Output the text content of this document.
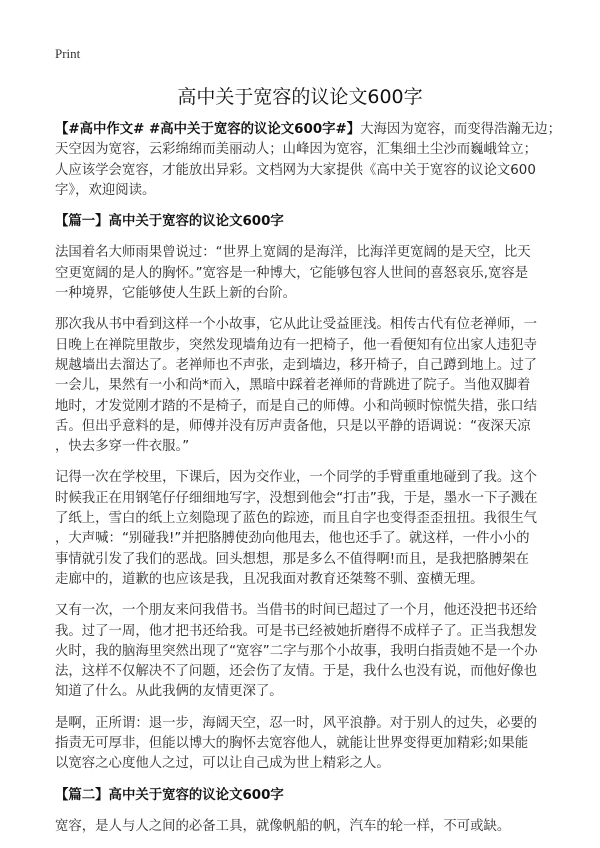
Print
高中关于宽容的议论文600字
【#高中作文# #高中关于宽容的议论文600字#】大海因为宽容，而变得浩瀚无边；
天空因为宽容，云彩绵绵而美丽动人；山峰因为宽容，汇集细土尘沙而巍峨耸立；
人应该学会宽容，才能放出异彩。文档网为大家提供《高中关于宽容的议论文600
字》，欢迎阅读。
【篇一】高中关于宽容的议论文600字
法国着名大师雨果曾说过：“世界上宽阔的是海洋，比海洋更宽阔的是天空，比天
空更宽阔的是人的胸怀。”宽容是一种博大，它能够包容人世间的喜怒哀乐,宽容是
一种境界，它能够使人生跃上新的台阶。
那次我从书中看到这样一个小故事，它从此让受益匪浅。相传古代有位老禅师，一
日晚上在禅院里散步，突然发现墙角边有一把椅子，他一看便知有位出家人违犯寺
规越墙出去溜达了。老禅师也不声张，走到墙边，移开椅子，自己蹲到地上。过了
一会儿，果然有一小和尚*而入，黑暗中踩着老禅师的背跳进了院子。当他双脚着
地时，才发觉刚才踏的不是椅子，而是自己的师傅。小和尚顿时惊慌失措，张口结
舌。但出乎意料的是，师傅并没有厉声责备他，只是以平静的语调说：“夜深天凉
，快去多穿一件衣服。”
记得一次在学校里，下课后，因为交作业，一个同学的手臂重重地碰到了我。这个
时候我正在用钢笔仔仔细细地写字，没想到他会“打击”我，于是，墨水一下子溅在
了纸上，雪白的纸上立刻隐现了蓝色的踪迹，而且自字也变得歪歪扭扭。我很生气
，大声喊：“别碰我!”并把胳膊使劲向他甩去，他也还手了。就这样，一件小小的
事情就引发了我们的恶战。回头想想，那是多么不值得啊!而且，是我把胳膊架在
走廊中的，道歉的也应该是我，且况我面对教育还桀骜不驯、蛮横无理。
又有一次，一个朋友来问我借书。当借书的时间已超过了一个月，他还没把书还给
我。过了一周，他才把书还给我。可是书已经被她折磨得不成样子了。正当我想发
火时，我的脑海里突然出现了“宽容”二字与那个小故事，我明白指责她不是一个办
法，这样不仅解决不了问题，还会伤了友情。于是，我什么也没有说，而他好像也
知道了什么。从此我俩的友情更深了。
是啊，正所谓：退一步，海阔天空，忍一时，风平浪静。对于别人的过失，必要的
指责无可厚非，但能以博大的胸怀去宽容他人，就能让世界变得更加精彩;如果能
以宽容之心度他人之过，可以让自己成为世上精彩之人。
【篇二】高中关于宽容的议论文600字
宽容，是人与人之间的必备工具，就像帆船的帆，汽车的轮一样，不可或缺。
